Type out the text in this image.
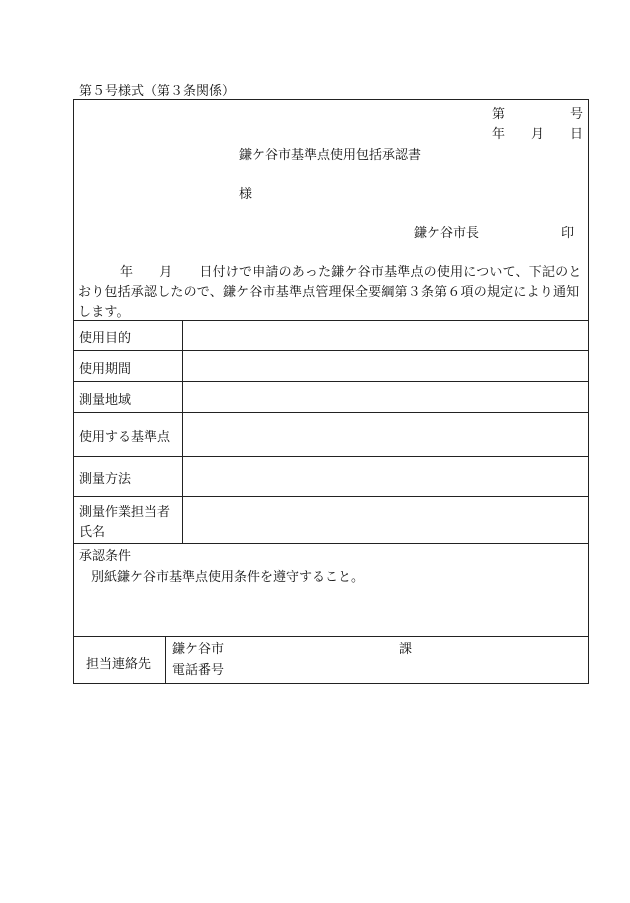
第５号様式（第３条関係）
第	号
年 月 日
鎌ケ谷市基準点使用包括承認書
様
鎌ケ谷市長	印
年 月 日付けで申請のあった鎌ケ谷市基準点の使用について、下記のと
おり包括承認したので、鎌ケ谷市基準点管理保全要綱第３条第６項の規定により通知
します。
使用目的
使用期間
測量地域
使用する基準点
測量方法
測量作業担当者
氏名
承認条件
別紙鎌ケ谷市基準点使用条件を遵守すること。
担当連絡先
鎌ケ谷市	課
電話番号
